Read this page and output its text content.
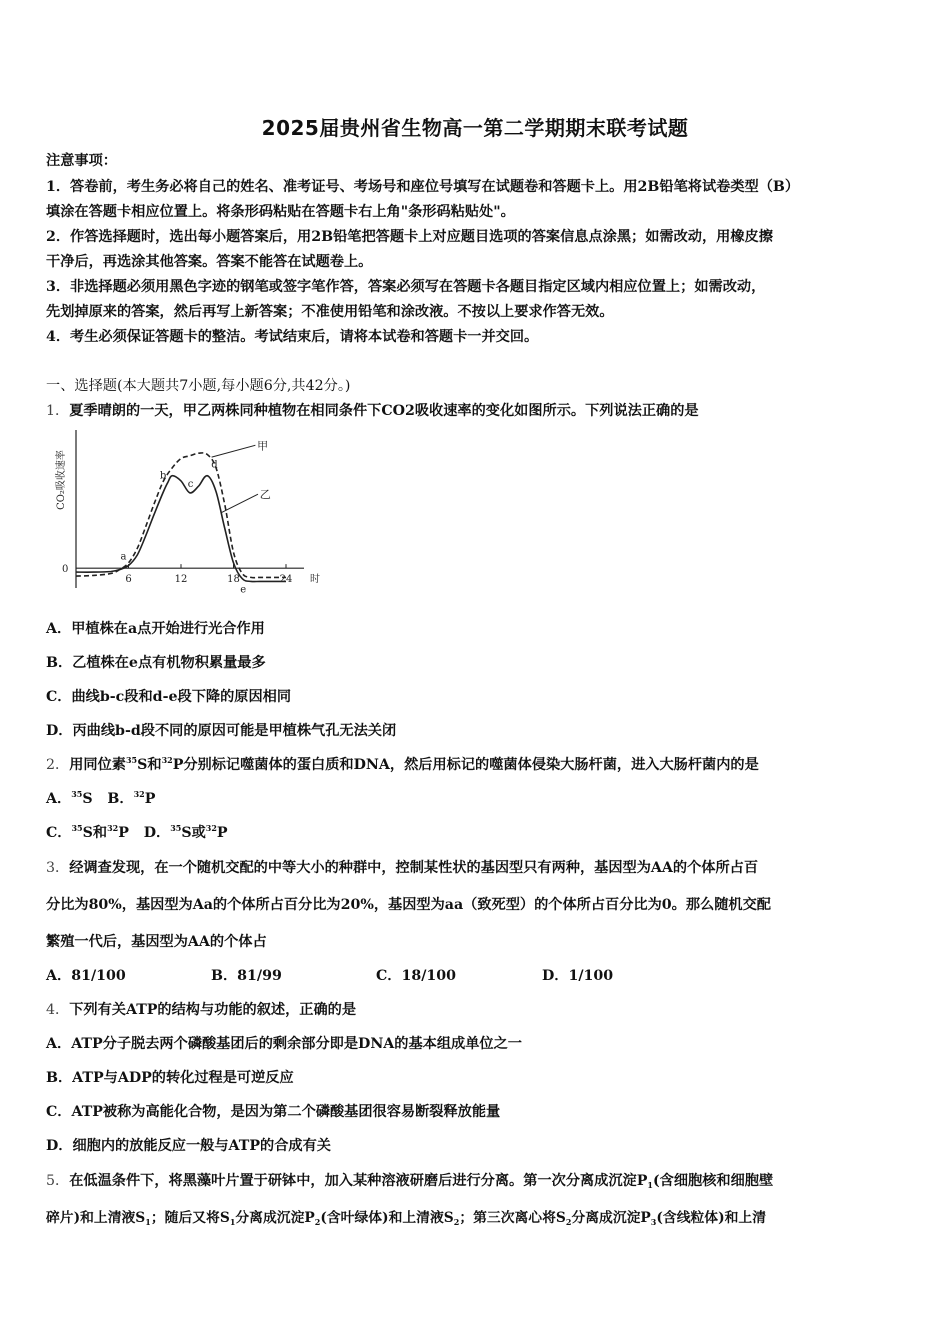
2025届贵州省生物高一第二学期期末联考试题
注意事项：
1．答卷前，考生务必将自己的姓名、准考证号、考场号和座位号填写在试题卷和答题卡上。用2B铅笔将试卷类型（B）
填涂在答题卡相应位置上。将条形码粘贴在答题卡右上角"条形码粘贴处"。
2．作答选择题时，选出每小题答案后，用2B铅笔把答题卡上对应题目选项的答案信息点涂黑；如需改动，用橡皮擦
干净后，再选涂其他答案。答案不能答在试题卷上。
3．非选择题必须用黑色字迹的钢笔或签字笔作答，答案必须写在答题卡各题目指定区域内相应位置上；如需改动，
先划掉原来的答案，然后再写上新答案；不准使用铅笔和涂改液。不按以上要求作答无效。
4．考生必须保证答题卡的整洁。考试结束后，请将本试卷和答题卡一并交回。
一、选择题(本大题共7小题,每小题6分,共42分。)
1．夏季晴朗的一天，甲乙两株同种植物在相同条件下CO2吸收速率的变化如图所示。下列说法正确的是
0
6	12	18	24 时
甲
乙
a
b
c
d
e
CO₂吸收速率
A．甲植株在a点开始进行光合作用
B．乙植株在e点有机物积累量最多
C．曲线b-c段和d-e段下降的原因相同
D．丙曲线b-d段不同的原因可能是甲植株气孔无法关闭
2．用同位素$^{35}$S和$^{32}$P分别标记噬菌体的蛋白质和DNA，然后用标记的噬菌体侵染大肠杆菌，进入大肠杆菌内的是
A．$^{35}$S B．$^{32}$P
C．$^{35}$S和$^{32}$P D．$^{35}$S或$^{32}$P
3．经调查发现，在一个随机交配的中等大小的种群中，控制某性状的基因型只有两种，基因型为AA的个体所占百
分比为80%，基因型为Aa的个体所占百分比为20%，基因型为aa（致死型）的个体所占百分比为0。那么随机交配
繁殖一代后，基因型为AA的个体占
A．81/100	B．81/99	C．18/100	D．1/100
4．下列有关ATP的结构与功能的叙述，正确的是
A．ATP分子脱去两个磷酸基团后的剩余部分即是DNA的基本组成单位之一
B．ATP与ADP的转化过程是可逆反应
C．ATP被称为高能化合物，是因为第二个磷酸基团很容易断裂释放能量
D．细胞内的放能反应一般与ATP的合成有关
5．在低温条件下，将黑藻叶片置于研钵中，加入某种溶液研磨后进行分离。第一次分离成沉淀$P_1$(含细胞核和细胞壁
碎片)和上清液$S_1$；随后又将$S_1$分离成沉淀$P_2$(含叶绿体)和上清液$S_2$；第三次离心将$S_2$分离成沉淀$P_3$(含线粒体)和上清
